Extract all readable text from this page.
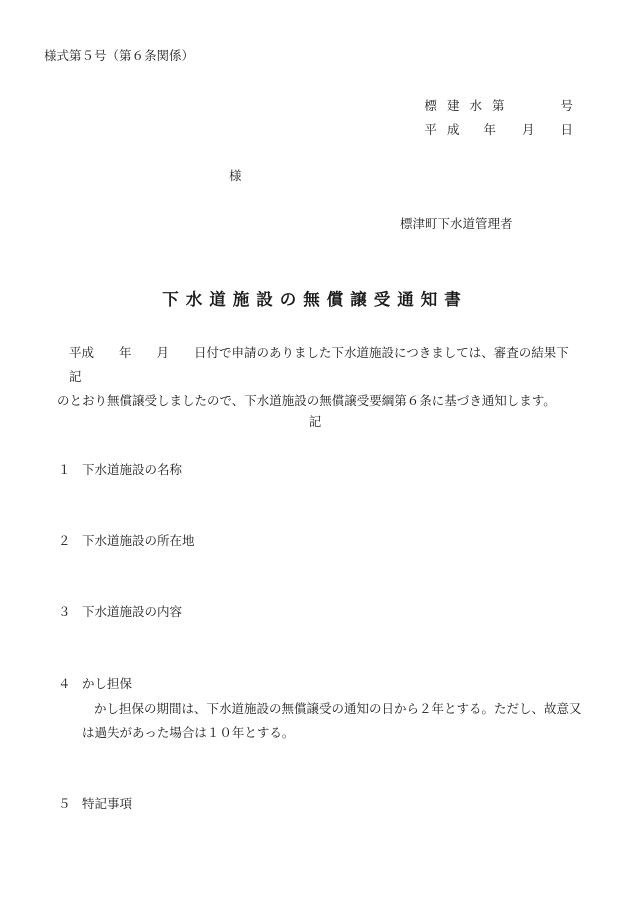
様式第５号（第６条関係）
標 建 水 第	号
平 成 年 月 日
様
標津町下水道管理者
下水道施設の無償譲受通知書
平成　　年　　月　　日付で申請のありました下水道施設につきましては、審査の結果下記
のとおり無償譲受しましたので、下水道施設の無償譲受要綱第６条に基づき通知します。
記
１ 下水道施設の名称
２ 下水道施設の所在地
３ 下水道施設の内容
４ かし担保
かし担保の期間は、下水道施設の無償譲受の通知の日から２年とする。ただし、故意又
は過失があった場合は１０年とする。
５ 特記事項
